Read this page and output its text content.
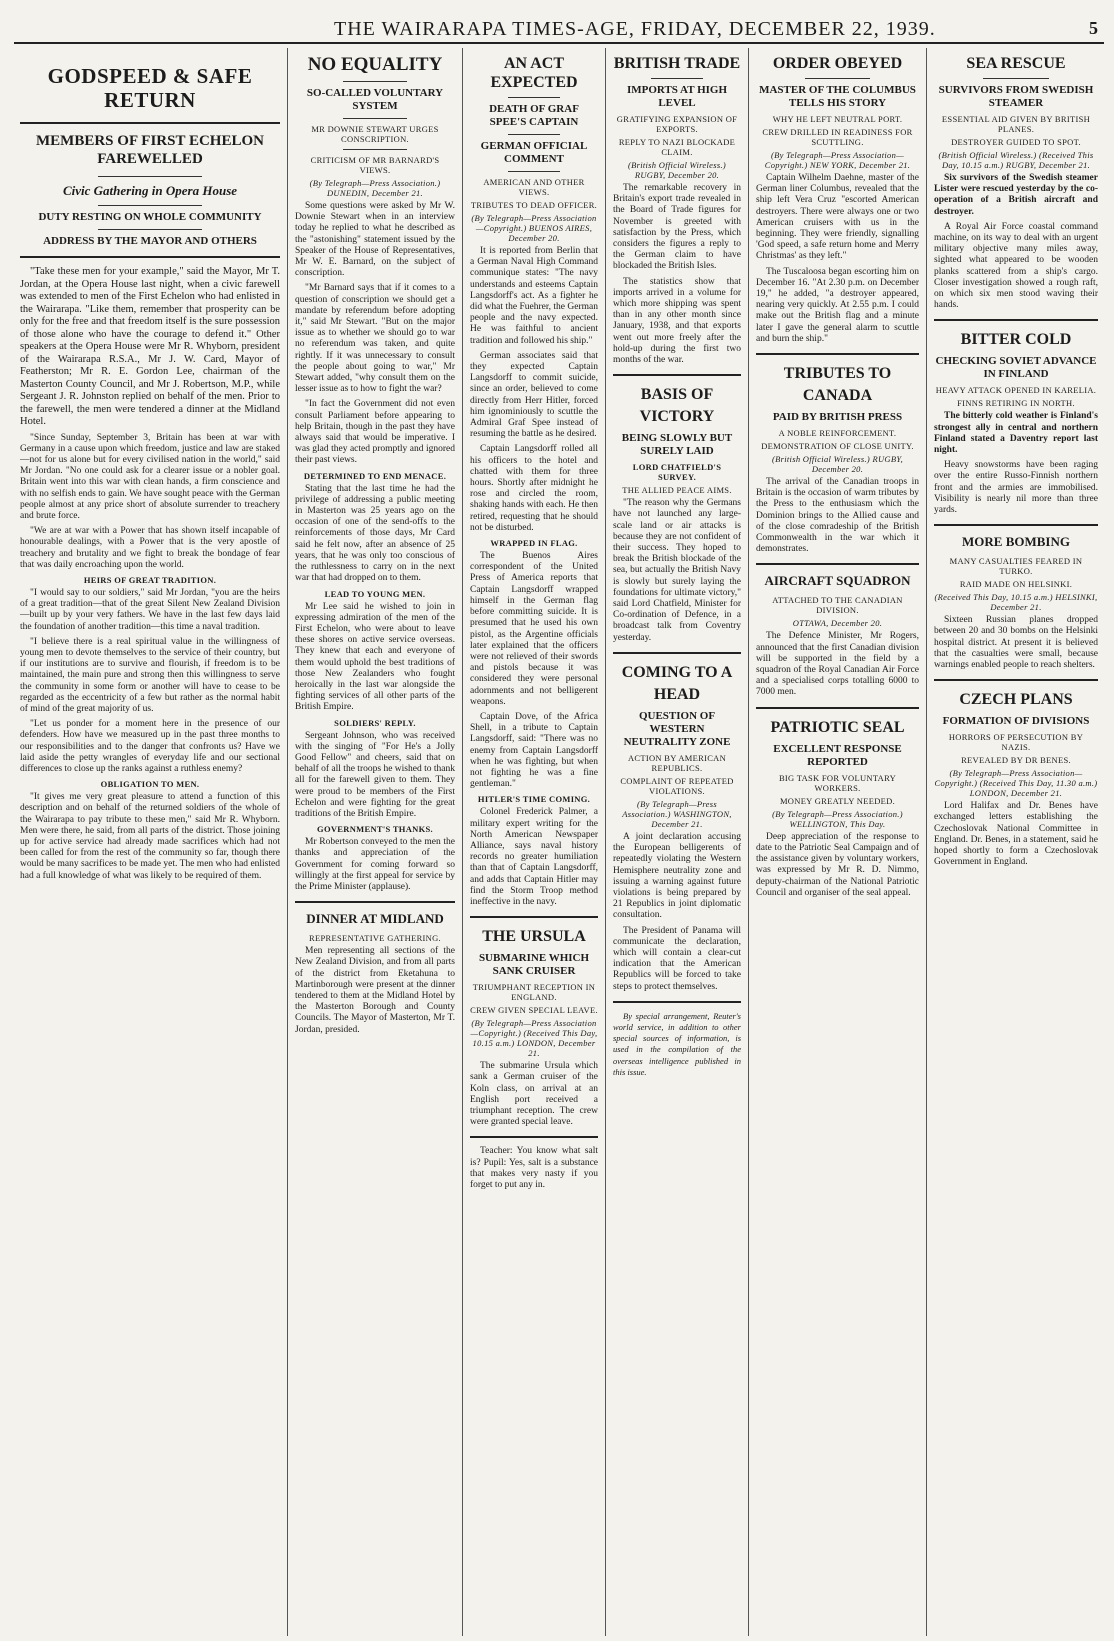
THE WAIRARAPA TIMES-AGE, FRIDAY, DECEMBER 22, 1939.	5
GODSPEED & SAFE RETURN
MEMBERS OF FIRST ECHELON FAREWELLED
Civic Gathering in Opera House
DUTY RESTING ON WHOLE COMMUNITY
ADDRESS BY THE MAYOR AND OTHERS

"Take these men for your example," said the Mayor, Mr T. Jordan, at the Opera House last night, when a civic farewell was extended to men of the First Echelon who had enlisted in the Wairarapa. "Like them, remember that prosperity can be only for the free and that freedom itself is the sure possession of those alone who have the courage to defend it." Other speakers at the Opera House were Mr R. Whyborn, president of the Wairarapa R.S.A., Mr J. W. Card, Mayor of Featherston; Mr R. E. Gordon Lee, chairman of the Masterton County Council, and Mr J. Robertson, M.P., while Sergeant J. R. Johnston replied on behalf of the men. Prior to the farewell, the men were tendered a dinner at the Midland Hotel.

"Since Sunday, September 3, Britain has been at war with Germany in a cause upon which freedom, justice and law are staked—not for us alone but for every civilised nation in the world," said Mr Jordan. "No one could ask for a clearer issue or a nobler goal. Britain went into this war with clean hands, a firm conscience and with no selfish ends to gain. We have sought peace with the German people almost at any price short of absolute surrender to treachery and brute force.

"We are at war with a Power that has shown itself incapable of honourable dealings, with a Power that is the very apostle of treachery and brutality and we fight to break the bondage of fear that was daily encroaching upon the world.

HEIRS OF GREAT TRADITION.

"I would say to our soldiers," said Mr Jordan, "you are the heirs of a great tradition—that of the great Silent New Zealand Division—built up by your very fathers. We have in the last few days laid the foundation of another tradition—this time a naval tradition.

"I believe there is a real spiritual value in the willingness of young men to devote themselves to the service of their country, but if our institutions are to survive and flourish, if freedom is to be maintained, the main pure and strong then this willingness to serve the community in some form or another will have to cease to be regarded as the eccentricity of a few but rather as the normal habit of mind of the great majority of us.

"Let us ponder for a moment here in the presence of our defenders. How have we measured up in the past three months to our responsibilities and to the danger that confronts us? Have we laid aside the petty wrangles of everyday life and our sectional differences to close up the ranks against a ruthless enemy?

OBLIGATION TO MEN.

"It gives me very great pleasure to attend a function of this description and on behalf of the returned soldiers of the whole of the Wairarapa to pay tribute to these men," said Mr R. Whyborn. Men were there, he said, from all parts of the district. Those joining up for active service had already made sacrifices which had not been called for from the rest of the community so far, though there would be many sacrifices to be made yet. The men who had enlisted had a full knowledge of what was likely to be required of them.

NO EQUALITY
SO-CALLED VOLUNTARY SYSTEM
MR DOWNIE STEWART URGES CONSCRIPTION.
CRITICISM OF MR BARNARD'S VIEWS.
(By Telegraph—Press Association.) DUNEDIN, December 21.

Some questions were asked by Mr W. Downie Stewart when in an interview today he replied to what he described as the "astonishing" statement issued by the Speaker of the House of Representatives, Mr W. E. Barnard, on the subject of conscription.

"Mr Barnard says that if it comes to a question of conscription we should get a mandate by referendum before adopting it," said Mr Stewart. "But on the major issue as to whether we should go to war no referendum was taken, and quite rightly. If it was unnecessary to consult the people about going to war," Mr Stewart added, "why consult them on the lesser issue as to how to fight the war?

"In fact the Government did not even consult Parliament before appearing to help Britain, though in the past they have always said that would be imperative. I was glad they acted promptly and ignored their past views.

DETERMINED TO END MENACE.

Stating that the last time he had the privilege of addressing a public meeting in Masterton was 25 years ago on the occasion of one of the send-offs to the reinforcements of those days, Mr Card said he felt now, after an absence of 25 years, that he was only too conscious of the ruthlessness to carry on in the next war that had dropped on to them.

LEAD TO YOUNG MEN.

Mr Lee said he wished to join in expressing admiration of the men of the First Echelon, who were about to leave these shores on active service overseas. They knew that each and everyone of them would uphold the best traditions of those New Zealanders who fought heroically in the last war alongside the fighting services of all other parts of the British Empire.

SOLDIERS' REPLY.

Sergeant Johnson, who was received with the singing of "For He's a Jolly Good Fellow" and cheers, said that on behalf of all the troops he wished to thank all for the farewell given to them. They were proud to be members of the First Echelon and were fighting for the great traditions of the British Empire.

GOVERNMENT'S THANKS.

Mr Robertson conveyed to the men the thanks and appreciation of the Government for coming forward so willingly at the first appeal for service by the Prime Minister (applause).

DINNER AT MIDLAND
REPRESENTATIVE GATHERING.

Men representing all sections of the New Zealand Division, and from all parts of the district from Eketahuna to Martinborough were present at the dinner tendered to them at the Midland Hotel by the Masterton Borough and County Councils. The Mayor of Masterton, Mr T. Jordan, presided.

AN ACT EXPECTED
DEATH OF GRAF SPEE'S CAPTAIN
GERMAN OFFICIAL COMMENT
AMERICAN AND OTHER VIEWS.
TRIBUTES TO DEAD OFFICER.
(By Telegraph—Press Association—Copyright.) BUENOS AIRES, December 20.

It is reported from Berlin that a German Naval High Command communique states: "The navy understands and esteems Captain Langsdorff's act. As a fighter he did what the Fuehrer, the German people and the navy expected. He was faithful to ancient tradition and followed his ship."

German associates said that they expected Captain Langsdorff to commit suicide, since an order, believed to come directly from Herr Hitler, forced him ignominiously to scuttle the Admiral Graf Spee instead of resuming the battle as he desired.

Captain Langsdorff rolled all his officers to the hotel and chatted with them for three hours. Shortly after midnight he rose and circled the room, shaking hands with each. He then retired, requesting that he should not be disturbed.

WRAPPED IN FLAG.

The Buenos Aires correspondent of the United Press of America reports that Captain Langsdorff wrapped himself in the German flag before committing suicide. It is presumed that he used his own pistol, as the Argentine officials later explained that the officers were not relieved of their swords and pistols because it was considered they were personal adornments and not belligerent weapons.

Captain Dove, of the Africa Shell, in a tribute to Captain Langsdorff, said: "There was no enemy from Captain Langsdorff when he was fighting, but when not fighting he was a fine gentleman."

HITLER'S TIME COMING.

Colonel Frederick Palmer, a military expert writing for the North American Newspaper Alliance, says naval history records no greater humiliation than that of Captain Langsdorff, and adds that Captain Hitler may find the Storm Troop method ineffective in the navy.

THE URSULA
SUBMARINE WHICH SANK CRUISER
TRIUMPHANT RECEPTION IN ENGLAND.
CREW GIVEN SPECIAL LEAVE.
(By Telegraph—Press Association—Copyright.) (Received This Day, 10.15 a.m.) LONDON, December 21.

The submarine Ursula which sank a German cruiser of the Koln class, on arrival at an English port received a triumphant reception. The crew were granted special leave.

Teacher: You know what salt is? Pupil: Yes, salt is a substance that makes very nasty if you forget to put any in.

BRITISH TRADE
IMPORTS AT HIGH LEVEL
GRATIFYING EXPANSION OF EXPORTS.
REPLY TO NAZI BLOCKADE CLAIM.
(British Official Wireless.) RUGBY, December 20.

The remarkable recovery in Britain's export trade revealed in the Board of Trade figures for November is greeted with satisfaction by the Press, which considers the figures a reply to the German claim to have blockaded the British Isles.

The statistics show that imports arrived in a volume for which more shipping was spent than in any other month since January, 1938, and that exports went out more freely after the hold-up during the first two months of the war.

BASIS OF VICTORY
BEING SLOWLY BUT SURELY LAID
LORD CHATFIELD'S SURVEY.
THE ALLIED PEACE AIMS.

"The reason why the Germans have not launched any large-scale land or air attacks is because they are not confident of their success. They hoped to break the British blockade of the sea, but actually the British Navy is slowly but surely laying the foundations for ultimate victory," said Lord Chatfield, Minister for Co-ordination of Defence, in a broadcast talk from Coventry yesterday.

COMING TO A HEAD
QUESTION OF WESTERN NEUTRALITY ZONE
ACTION BY AMERICAN REPUBLICS.
COMPLAINT OF REPEATED VIOLATIONS.
(By Telegraph—Press Association.) WASHINGTON, December 21.

A joint declaration accusing the European belligerents of repeatedly violating the Western Hemisphere neutrality zone and issuing a warning against future violations is being prepared by 21 Republics in joint diplomatic consultation.

The President of Panama will communicate the declaration, which will contain a clear-cut indication that the American Republics will be forced to take steps to protect themselves.

By special arrangement, Reuter's world service, in addition to other special sources of information, is used in the compilation of the overseas intelligence published in this issue.

ORDER OBEYED
MASTER OF THE COLUMBUS TELLS HIS STORY
WHY HE LEFT NEUTRAL PORT.
CREW DRILLED IN READINESS FOR SCUTTLING.
(By Telegraph—Press Association—Copyright.) NEW YORK, December 21.

Captain Wilhelm Daehne, master of the German liner Columbus, revealed that the ship left Vera Cruz "escorted American destroyers. There were always one or two American cruisers with us in the beginning. They were friendly, signalling 'God speed, a safe return home and Merry Christmas' as they left."

The Tuscaloosa began escorting him on December 16. "At 2.30 p.m. on December 19," he added, "a destroyer appeared, nearing very quickly. At 2.55 p.m. I could make out the British flag and a minute later I gave the general alarm to scuttle and burn the ship."

TRIBUTES TO CANADA
PAID BY BRITISH PRESS
A NOBLE REINFORCEMENT.
DEMONSTRATION OF CLOSE UNITY.
(British Official Wireless.) RUGBY, December 20.

The arrival of the Canadian troops in Britain is the occasion of warm tributes by the Press to the enthusiasm which the Dominion brings to the Allied cause and of the close comradeship of the British Commonwealth in the war which it demonstrates.

AIRCRAFT SQUADRON
ATTACHED TO THE CANADIAN DIVISION.
OTTAWA, December 20.

The Defence Minister, Mr Rogers, announced that the first Canadian division will be supported in the field by a squadron of the Royal Canadian Air Force and a specialised corps totalling 6000 to 7000 men.

PATRIOTIC SEAL
EXCELLENT RESPONSE REPORTED
BIG TASK FOR VOLUNTARY WORKERS.
MONEY GREATLY NEEDED.
(By Telegraph—Press Association.) WELLINGTON, This Day.

Deep appreciation of the response to date to the Patriotic Seal Campaign and of the assistance given by voluntary workers, was expressed by Mr R. D. Nimmo, deputy-chairman of the National Patriotic Council and organiser of the seal appeal.

SEA RESCUE
SURVIVORS FROM SWEDISH STEAMER
ESSENTIAL AID GIVEN BY BRITISH PLANES.
DESTROYER GUIDED TO SPOT.
(British Official Wireless.) (Received This Day, 10.15 a.m.) RUGBY, December 21.

Six survivors of the Swedish steamer Lister were rescued yesterday by the co-operation of a British aircraft and destroyer.

A Royal Air Force coastal command machine, on its way to deal with an urgent military objective many miles away, sighted what appeared to be wooden planks scattered from a ship's cargo. Closer investigation showed a rough raft, on which six men stood waving their hands.

BITTER COLD
CHECKING SOVIET ADVANCE IN FINLAND
HEAVY ATTACK OPENED IN KARELIA.
FINNS RETIRING IN NORTH.

The bitterly cold weather is Finland's strongest ally in central and northern Finland stated a Daventry report last night.

Heavy snowstorms have been raging over the entire Russo-Finnish northern front and the armies are immobilised. Visibility is nearly nil more than three yards.

MORE BOMBING
MANY CASUALTIES FEARED IN TURKO.
RAID MADE ON HELSINKI.
(Received This Day, 10.15 a.m.) HELSINKI, December 21.

Sixteen Russian planes dropped between 20 and 30 bombs on the Helsinki hospital district. At present it is believed that the casualties were small, because warnings enabled people to reach shelters.

CZECH PLANS
FORMATION OF DIVISIONS
HORRORS OF PERSECUTION BY NAZIS.
REVEALED BY DR BENES.
(By Telegraph—Press Association—Copyright.) (Received This Day, 11.30 a.m.) LONDON, December 21.

Lord Halifax and Dr. Benes have exchanged letters establishing the Czechoslovak National Committee in England. Dr. Benes, in a statement, said he hoped shortly to form a Czechoslovak Government in England.
